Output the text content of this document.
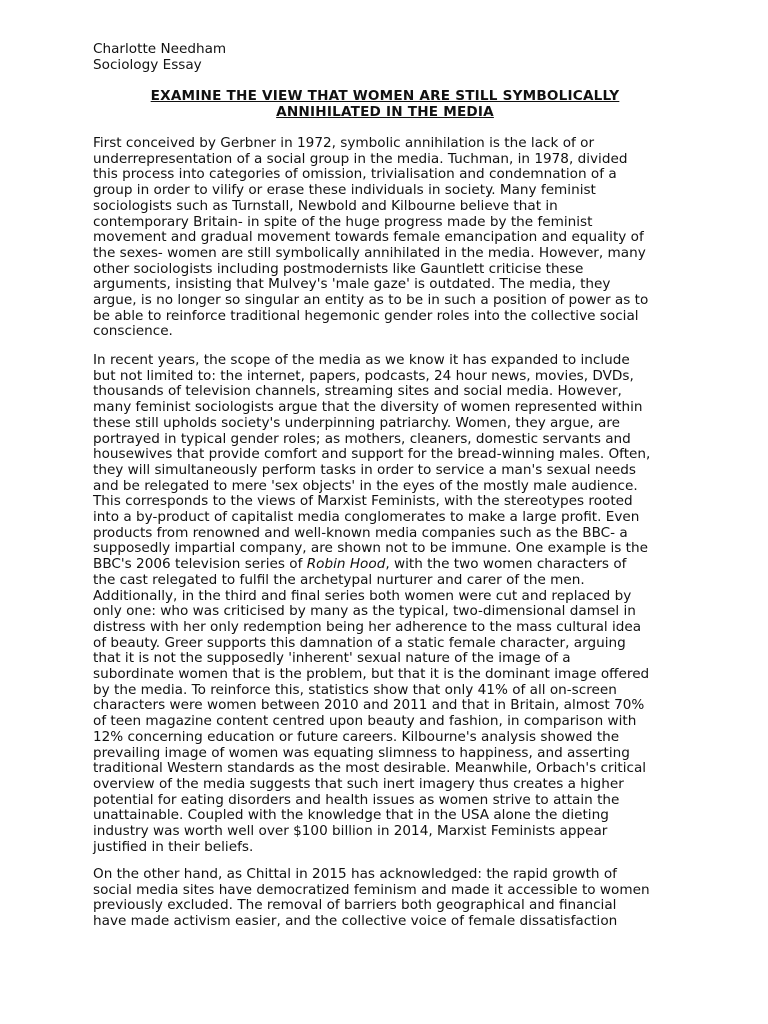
Charlotte Needham

Sociology Essay

EXAMINE THE VIEW THAT WOMEN ARE STILL SYMBOLICALLY
ANNIHILATED IN THE MEDIA

First conceived by Gerbner in 1972, symbolic annihilation is the lack of or

underrepresentation of a social group in the media. Tuchman, in 1978, divided

this process into categories of omission, trivialisation and condemnation of a

group in order to vilify or erase these individuals in society. Many feminist

sociologists such as Turnstall, Newbold and Kilbourne believe that in

contemporary Britain- in spite of the huge progress made by the feminist

movement and gradual movement towards female emancipation and equality of

the sexes- women are still symbolically annihilated in the media. However, many

other sociologists including postmodernists like Gauntlett criticise these

arguments, insisting that Mulvey's 'male gaze' is outdated. The media, they

argue, is no longer so singular an entity as to be in such a position of power as to

be able to reinforce traditional hegemonic gender roles into the collective social

conscience.

In recent years, the scope of the media as we know it has expanded to include

but not limited to: the internet, papers, podcasts, 24 hour news, movies, DVDs,

thousands of television channels, streaming sites and social media. However,

many feminist sociologists argue that the diversity of women represented within

these still upholds society's underpinning patriarchy. Women, they argue, are

portrayed in typical gender roles; as mothers, cleaners, domestic servants and

housewives that provide comfort and support for the bread-winning males. Often,

they will simultaneously perform tasks in order to service a man's sexual needs

and be relegated to mere 'sex objects' in the eyes of the mostly male audience.

This corresponds to the views of Marxist Feminists, with the stereotypes rooted

into a by-product of capitalist media conglomerates to make a large profit. Even

products from renowned and well-known media companies such as the BBC- a

supposedly impartial company, are shown not to be immune. One example is the

BBC's 2006 television series of Robin Hood, with the two women characters of

the cast relegated to fulfil the archetypal nurturer and carer of the men.

Additionally, in the third and final series both women were cut and replaced by

only one: who was criticised by many as the typical, two-dimensional damsel in

distress with her only redemption being her adherence to the mass cultural idea

of beauty. Greer supports this damnation of a static female character, arguing

that it is not the supposedly 'inherent' sexual nature of the image of a

subordinate women that is the problem, but that it is the dominant image offered

by the media. To reinforce this, statistics show that only 41% of all on-screen

characters were women between 2010 and 2011 and that in Britain, almost 70%

of teen magazine content centred upon beauty and fashion, in comparison with

12% concerning education or future careers. Kilbourne's analysis showed the

prevailing image of women was equating slimness to happiness, and asserting

traditional Western standards as the most desirable. Meanwhile, Orbach's critical

overview of the media suggests that such inert imagery thus creates a higher

potential for eating disorders and health issues as women strive to attain the

unattainable. Coupled with the knowledge that in the USA alone the dieting

industry was worth well over $100 billion in 2014, Marxist Feminists appear

justified in their beliefs.

On the other hand, as Chittal in 2015 has acknowledged: the rapid growth of

social media sites have democratized feminism and made it accessible to women

previously excluded. The removal of barriers both geographical and financial

have made activism easier, and the collective voice of female dissatisfaction
